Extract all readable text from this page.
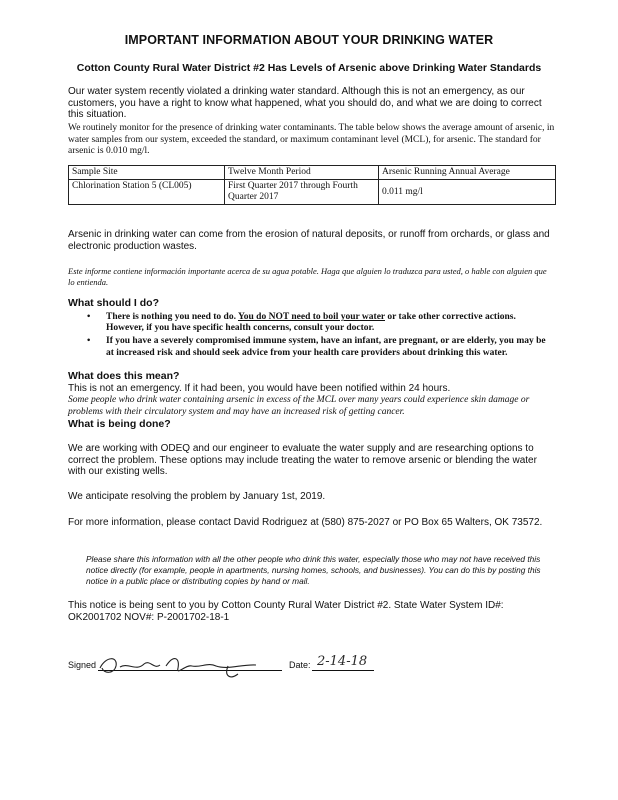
IMPORTANT INFORMATION ABOUT YOUR DRINKING WATER
Cotton County Rural Water District #2 Has Levels of Arsenic above Drinking Water Standards
Our water system recently violated a drinking water standard. Although this is not an emergency, as our customers, you have a right to know what happened, what you should do, and what we are doing to correct this situation.
We routinely monitor for the presence of drinking water contaminants. The table below shows the average amount of arsenic, in water samples from our system, exceeded the standard, or maximum contaminant level (MCL), for arsenic. The standard for arsenic is 0.010 mg/l.
Sample Site	Twelve Month Period	Arsenic Running Annual Average
Chlorination Station 5 (CL005)	First Quarter 2017 through Fourth Quarter 2017	0.011 mg/l
Arsenic in drinking water can come from the erosion of natural deposits, or runoff from orchards, or glass and electronic production wastes.
Este informe contiene información importante acerca de su agua potable. Haga que alguien lo traduzca para usted, o hable con alguien que lo entienda.
What should I do?
• There is nothing you need to do. You do NOT need to boil your water or take other corrective actions. However, if you have specific health concerns, consult your doctor.
• If you have a severely compromised immune system, have an infant, are pregnant, or are elderly, you may be at increased risk and should seek advice from your health care providers about drinking this water.
What does this mean?
This is not an emergency. If it had been, you would have been notified within 24 hours.
Some people who drink water containing arsenic in excess of the MCL over many years could experience skin damage or problems with their circulatory system and may have an increased risk of getting cancer.
What is being done?
We are working with ODEQ and our engineer to evaluate the water supply and are researching options to correct the problem. These options may include treating the water to remove arsenic or blending the water with our existing wells.
We anticipate resolving the problem by January 1st, 2019.
For more information, please contact David Rodriguez at (580) 875-2027 or PO Box 65 Walters, OK 73572.
Please share this information with all the other people who drink this water, especially those who may not have received this notice directly (for example, people in apartments, nursing homes, schools, and businesses). You can do this by posting this notice in a public place or distributing copies by hand or mail.
This notice is being sent to you by Cotton County Rural Water District #2. State Water System ID#: OK2001702 NOV#: P-2001702-18-1
Signed	Date: 2-14-18
